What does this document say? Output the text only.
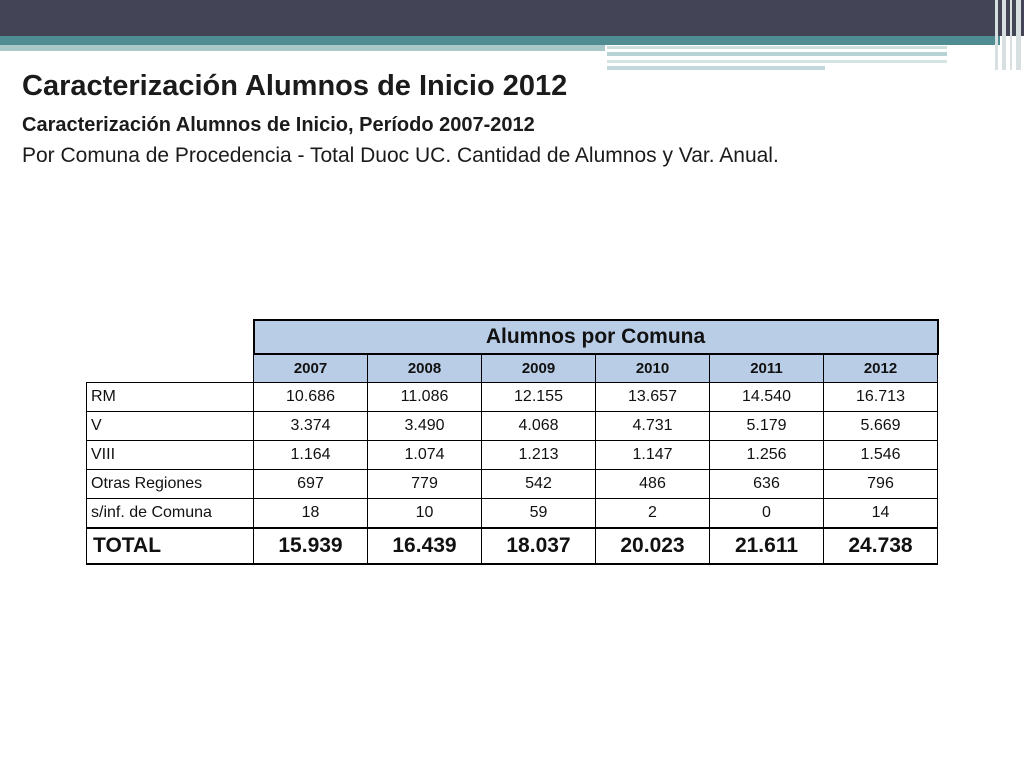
Caracterización Alumnos de Inicio 2012
Caracterización Alumnos de Inicio, Período 2007-2012
Por Comuna de Procedencia - Total Duoc UC. Cantidad de Alumnos y Var. Anual.
	Alumnos por Comuna					
	2007	2008	2009	2010	2011	2012
RM	10.686	11.086	12.155	13.657	14.540	16.713
V	3.374	3.490	4.068	4.731	5.179	5.669
VIII	1.164	1.074	1.213	1.147	1.256	1.546
Otras Regiones	697	779	542	486	636	796
s/inf. de Comuna	18	10	59	2	0	14
TOTAL	15.939	16.439	18.037	20.023	21.611	24.738
